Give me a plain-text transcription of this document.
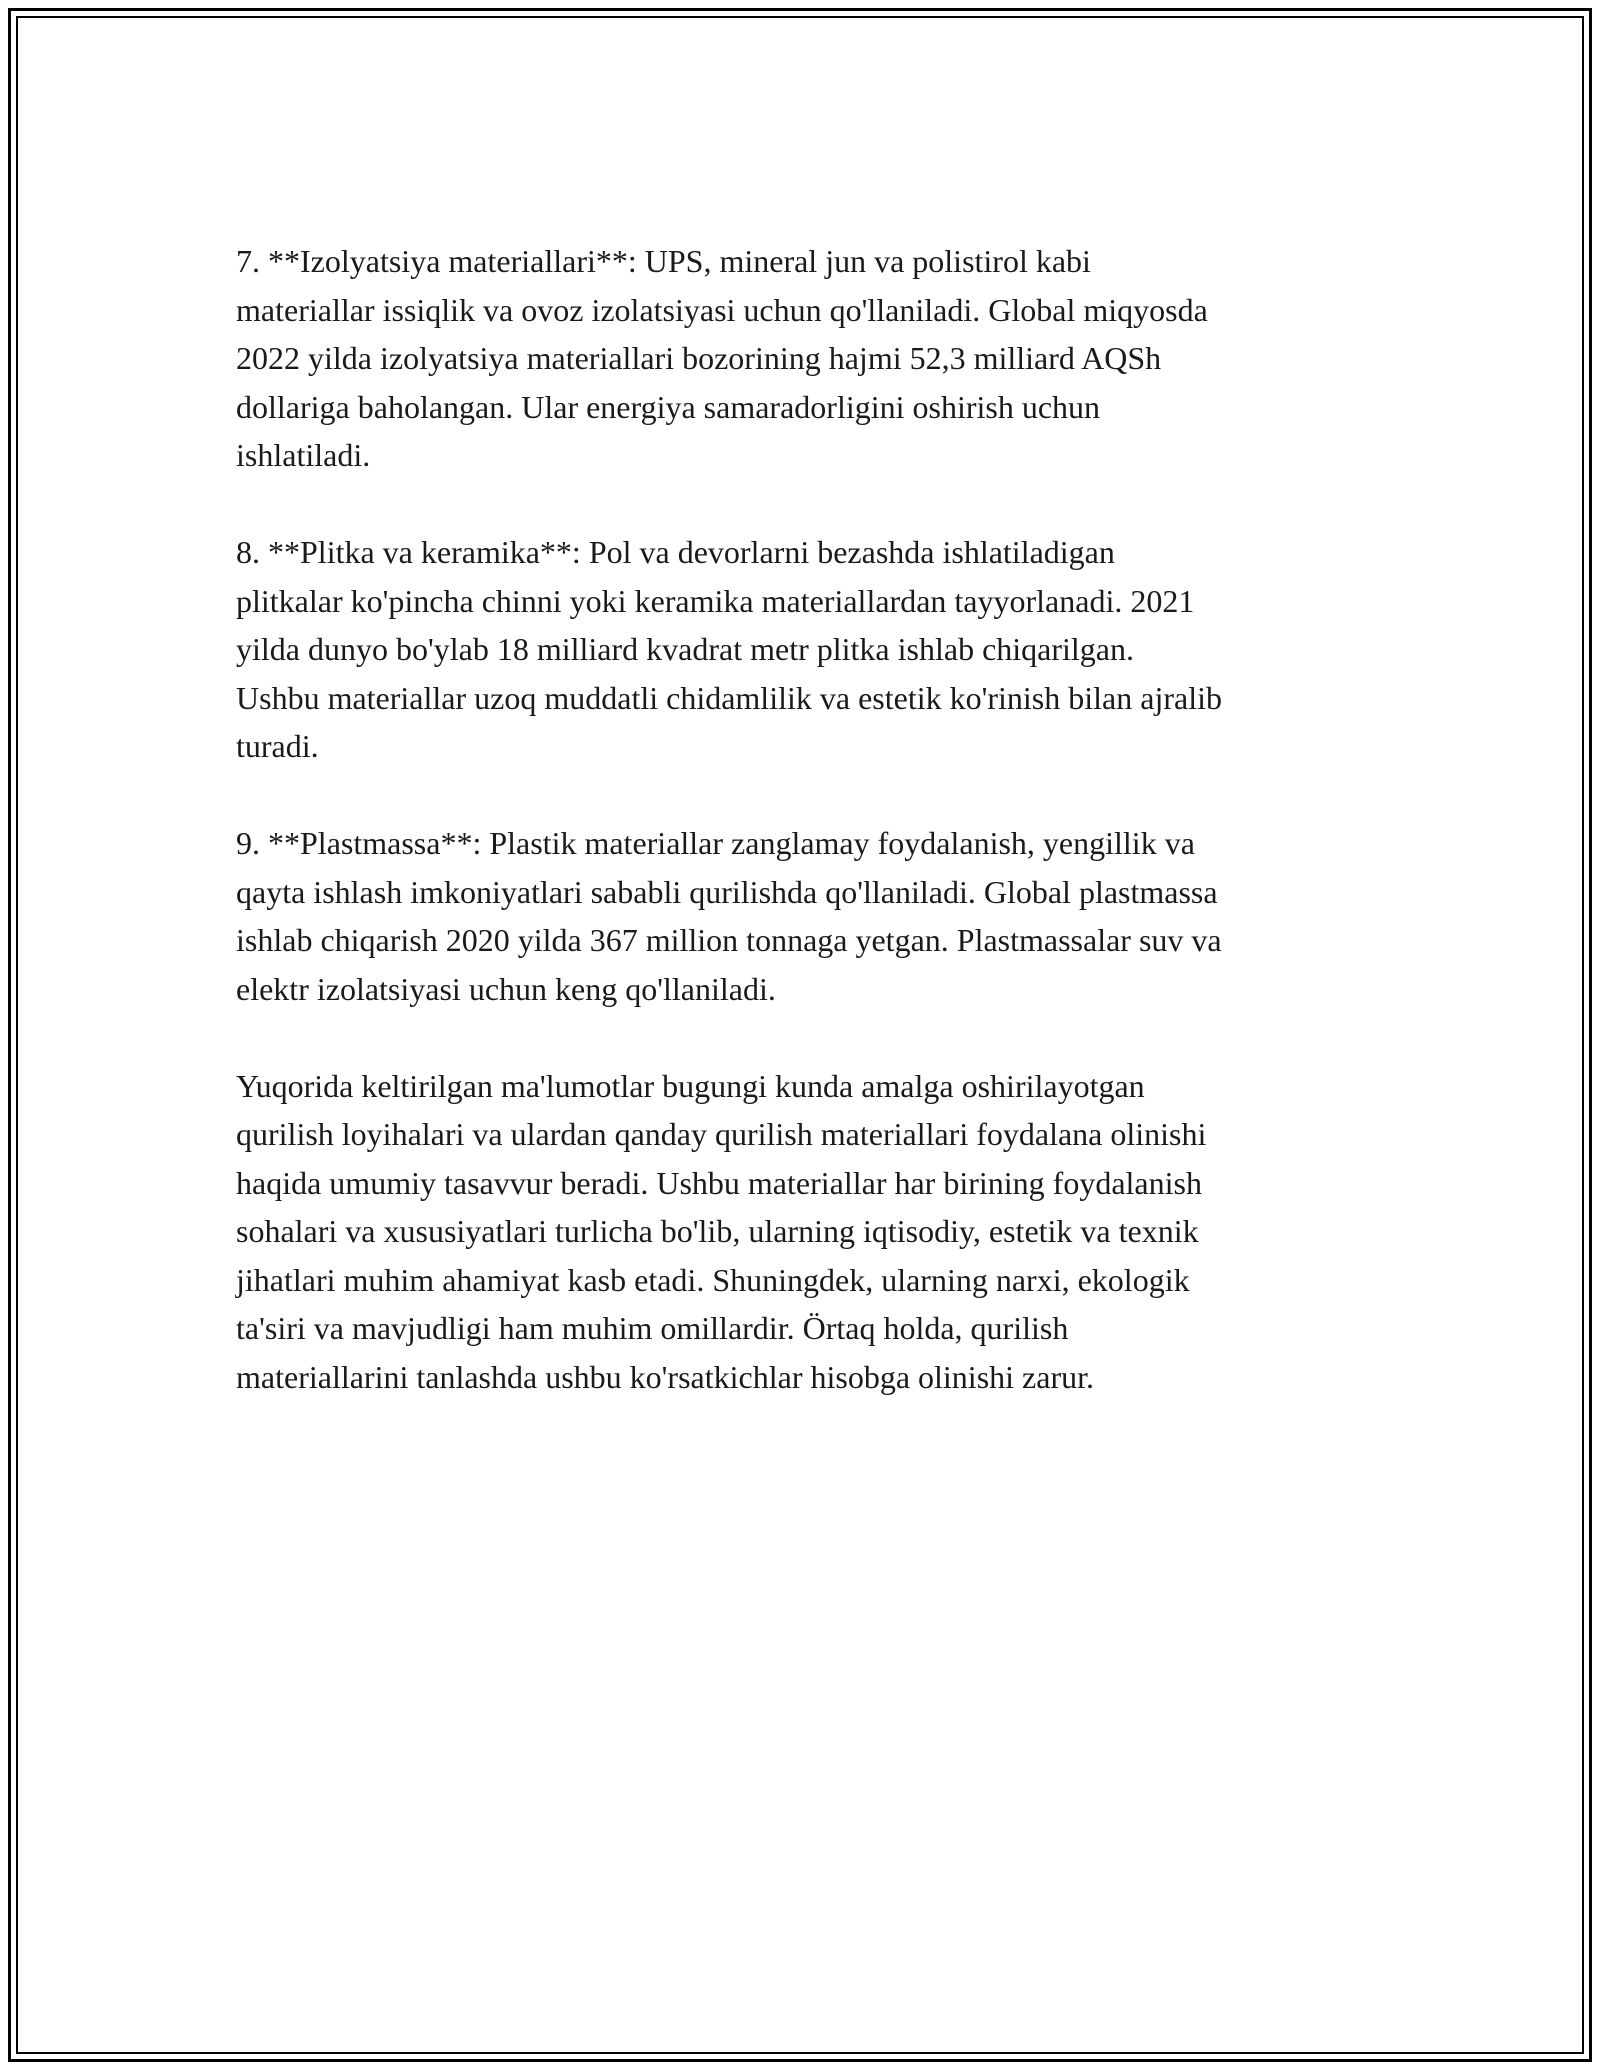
7. **Izolyatsiya materiallari**: UPS, mineral jun va polistirol kabi
materiallar issiqlik va ovoz izolatsiyasi uchun qo'llaniladi. Global miqyosda
2022 yilda izolyatsiya materiallari bozorining hajmi 52,3 milliard AQSh
dollariga baholangan. Ular energiya samaradorligini oshirish uchun
ishlatiladi.

8. **Plitka va keramika**: Pol va devorlarni bezashda ishlatiladigan
plitkalar ko'pincha chinni yoki keramika materiallardan tayyorlanadi. 2021
yilda dunyo bo'ylab 18 milliard kvadrat metr plitka ishlab chiqarilgan.
Ushbu materiallar uzoq muddatli chidamlilik va estetik ko'rinish bilan ajralib
turadi.

9. **Plastmassa**: Plastik materiallar zanglamay foydalanish, yengillik va
qayta ishlash imkoniyatlari sababli qurilishda qo'llaniladi. Global plastmassa
ishlab chiqarish 2020 yilda 367 million tonnaga yetgan. Plastmassalar suv va
elektr izolatsiyasi uchun keng qo'llaniladi.

Yuqorida keltirilgan ma'lumotlar bugungi kunda amalga oshirilayotgan
qurilish loyihalari va ulardan qanday qurilish materiallari foydalana olinishi
haqida umumiy tasavvur beradi. Ushbu materiallar har birining foydalanish
sohalari va xususiyatlari turlicha bo'lib, ularning iqtisodiy, estetik va texnik
jihatlari muhim ahamiyat kasb etadi. Shuningdek, ularning narxi, ekologik
ta'siri va mavjudligi ham muhim omillardir. Örtaq holda, qurilish
materiallarini tanlashda ushbu ko'rsatkichlar hisobga olinishi zarur.
